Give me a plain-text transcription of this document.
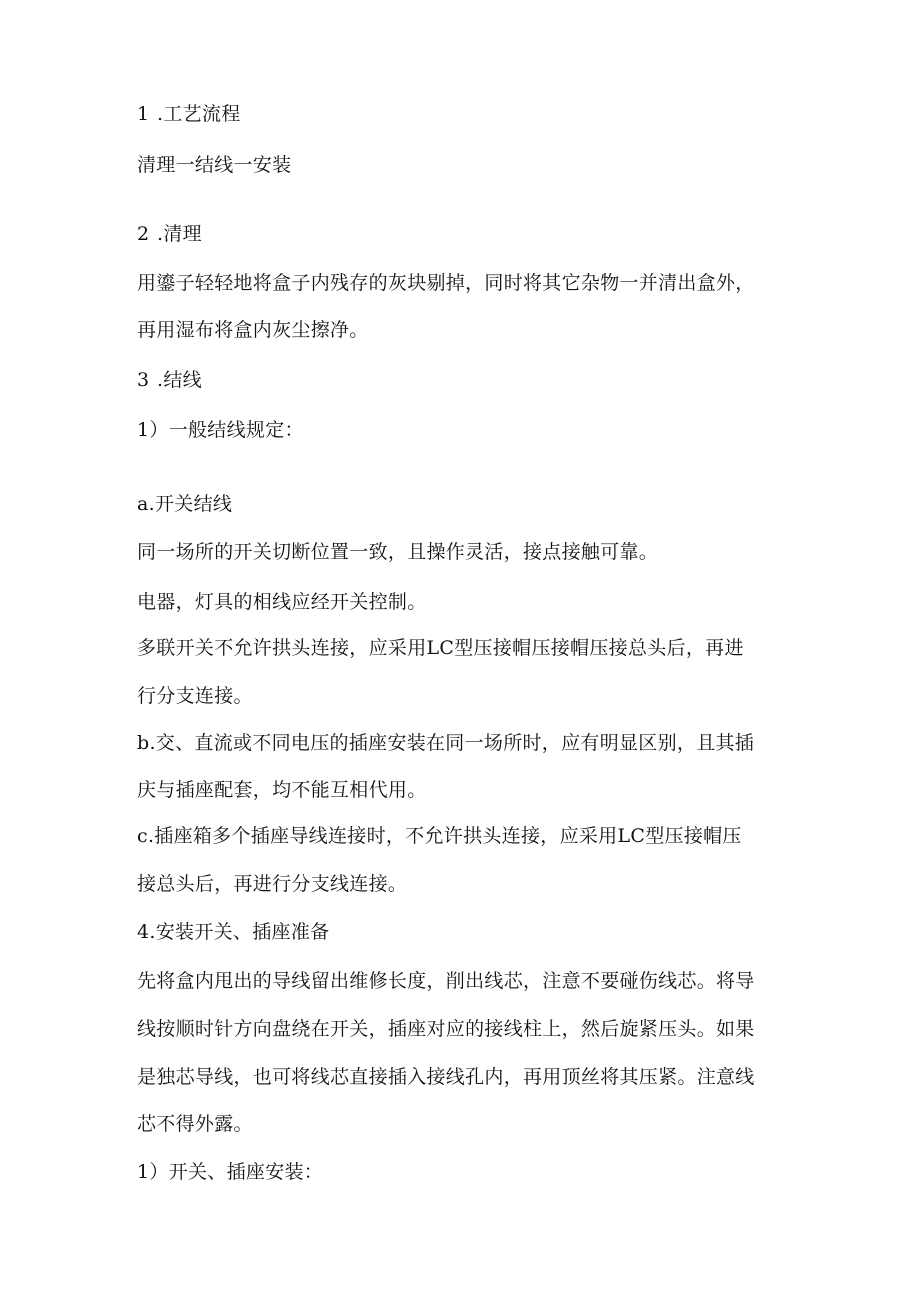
1 .工艺流程
清理一结线一安装
2 .清理
用鎏子轻轻地将盒子内残存的灰块剔掉，同时将其它杂物一并清出盒外，
再用湿布将盒内灰尘擦净。
3 .结线
1）一般结线规定：
a.开关结线
同一场所的开关切断位置一致，且操作灵活，接点接触可靠。
电器，灯具的相线应经开关控制。
多联开关不允许拱头连接，应采用LC型压接帽压接帽压接总头后，再进
行分支连接。
b.交、直流或不同电压的插座安装在同一场所时，应有明显区别，且其插
庆与插座配套，均不能互相代用。
c.插座箱多个插座导线连接时，不允许拱头连接，应采用LC型压接帽压
接总头后，再进行分支线连接。
4.安装开关、插座准备
先将盒内甩出的导线留出维修长度，削出线芯，注意不要碰伤线芯。将导
线按顺时针方向盘绕在开关，插座对应的接线柱上，然后旋紧压头。如果
是独芯导线，也可将线芯直接插入接线孔内，再用顶丝将其压紧。注意线
芯不得外露。
1）开关、插座安装：
